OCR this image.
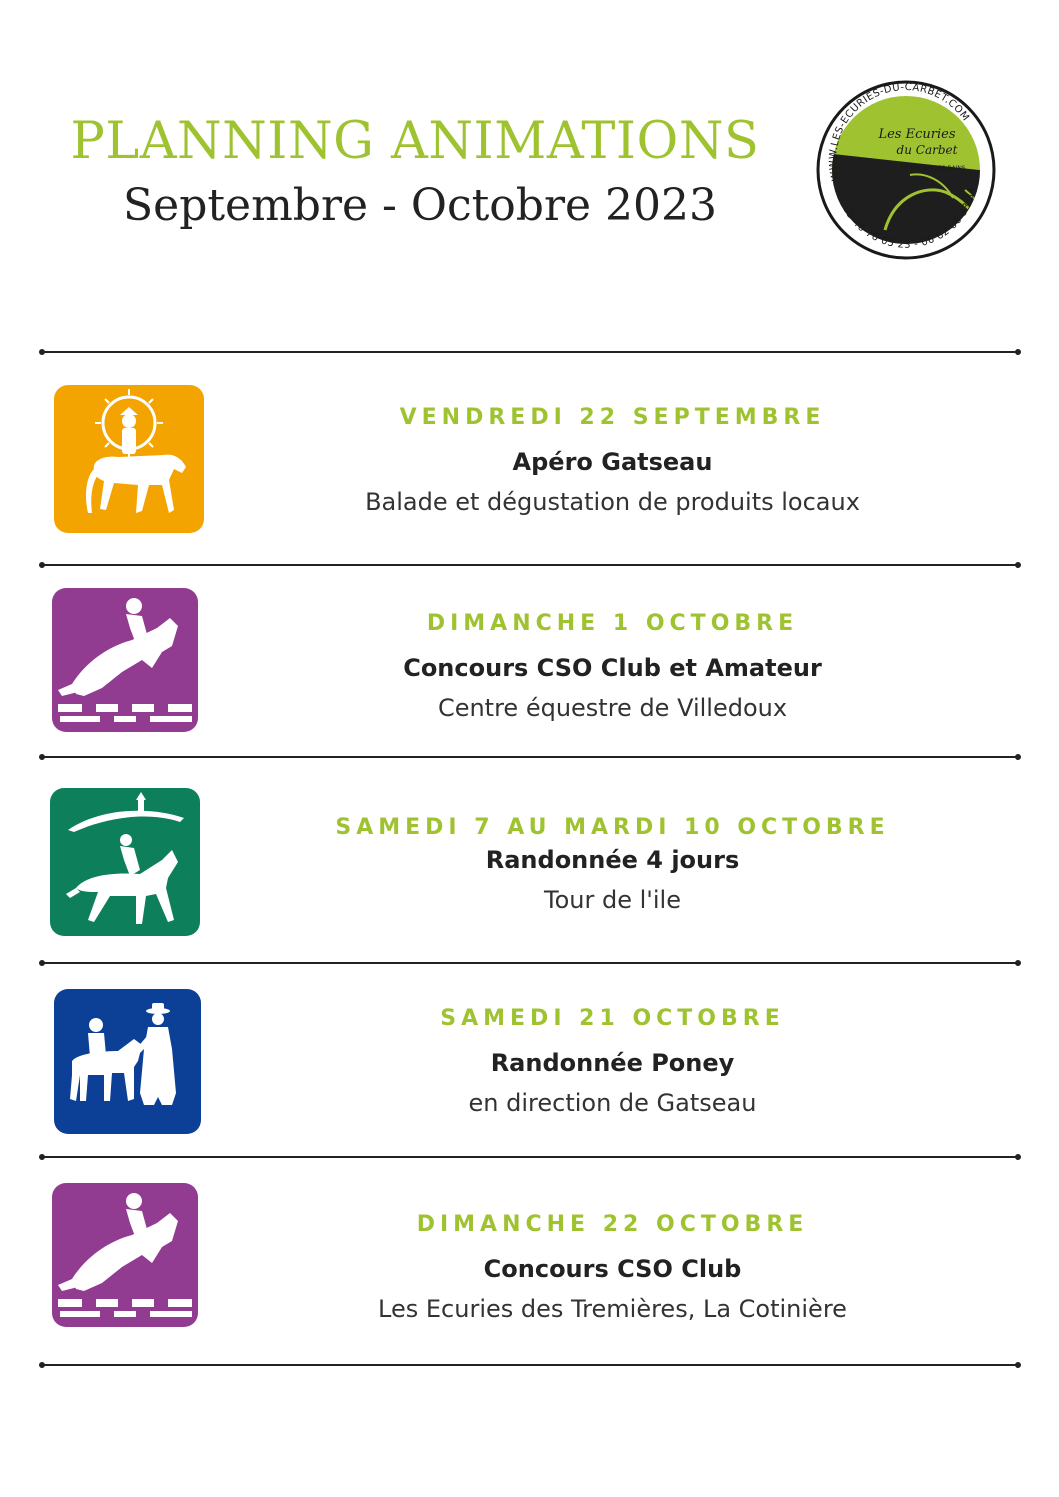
PLANNING ANIMATIONS
Septembre - Octobre 2023
WWW.LES-ECURIES-DU-CARBET.COM
05 46 76 05 23 - 06 62 66 33 34
Les Ecuries
du Carbet
ST TROJAN LES BAINS
VENDREDI 22 SEPTEMBRE
Apéro Gatseau
Balade et dégustation de produits locaux
DIMANCHE 1 OCTOBRE
Concours CSO Club et Amateur
Centre équestre de Villedoux
SAMEDI 7 AU MARDI 10 OCTOBRE
Randonnée 4 jours
Tour de l'ile
SAMEDI 21 OCTOBRE
Randonnée Poney
en direction de Gatseau
DIMANCHE 22 OCTOBRE
Concours CSO Club
Les Ecuries des Tremières, La Cotinière
